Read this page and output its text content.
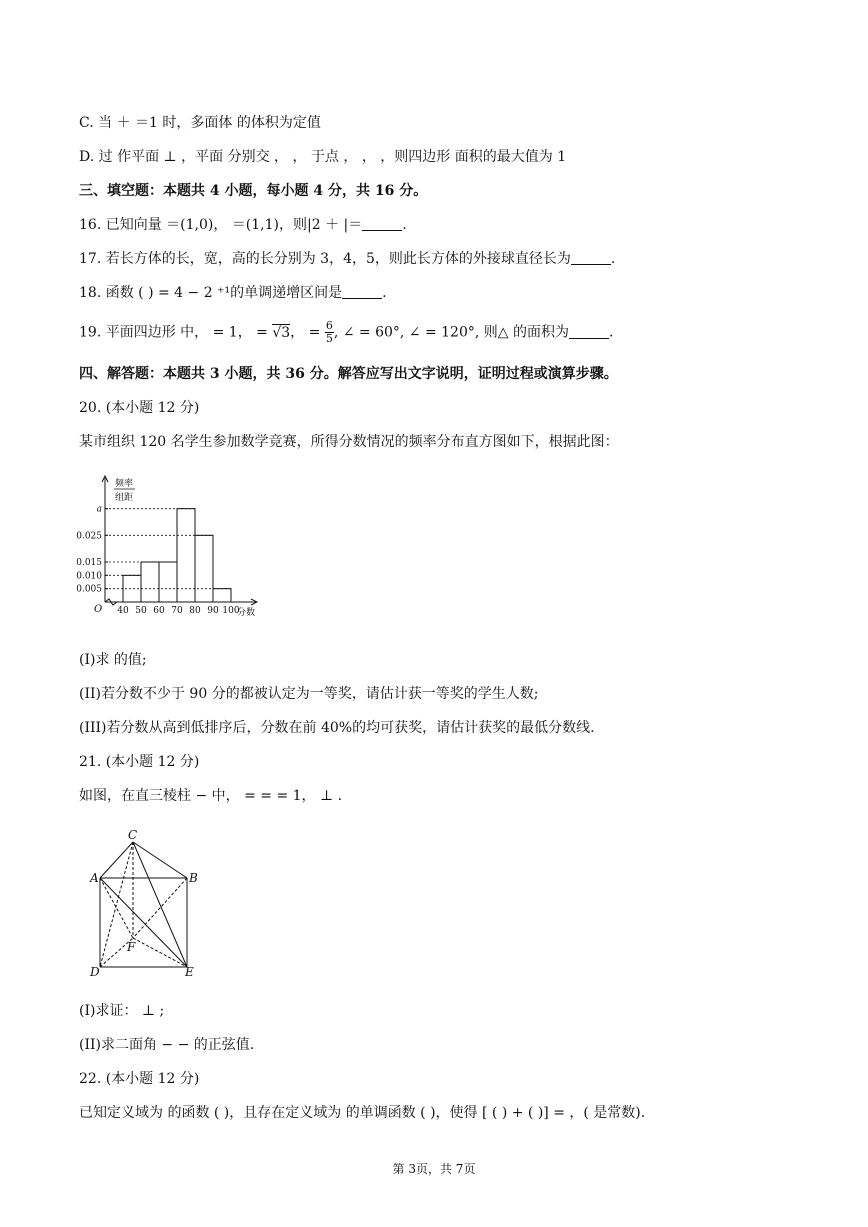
C. 当 ＋ ＝1 时，多面体 的体积为定值
D. 过 作平面 ⊥ ，平面 分别交 ， ， 于点 ， ， ，则四边形 面积的最大值为 1
三、填空题：本题共 4 小题，每小题 4 分，共 16 分。
16. 已知向量 ＝(1,0)， ＝(1,1)，则|2 ＋ |＝	.
17. 若长方体的长，宽，高的长分别为 3，4，5，则此长方体的外接球直径长为	.
18. 函数 ( ) = 4 − 2 ⁺¹的单调递增区间是	.
19. 平面四边形 中， = 1， = √3， = $\frac{6}{5}$ , ∠ = 60°, ∠ = 120°, 则△ 的面积为	.
四、解答题：本题共 3 小题，共 36 分。解答应写出文字说明，证明过程或演算步骤。
20. (本小题 12 分)
某市组织 120 名学生参加数学竞赛，所得分数情况的频率分布直方图如下，根据此图：
0.005
0.010
0.015
0.025
a
40 50 60 70 80 90 100
O
频率
组距
分数
(I)求 的值;
(II)若分数不少于 90 分的都被认定为一等奖，请估计获一等奖的学生人数;
(III)若分数从高到低排序后，分数在前 40%的均可获奖，请估计获奖的最低分数线.
21. (本小题 12 分)
如图，在直三棱柱 − 中， = = = 1， ⊥ .
C
A	B
F
D	E
(I)求证： ⊥ ;
(II)求二面角 − − 的正弦值.
22. (本小题 12 分)
已知定义域为 的函数 ( )，且存在定义域为 的单调函数 ( )，使得 [ ( ) + ( )] = ，( 是常数).
第 3页，共 7页
